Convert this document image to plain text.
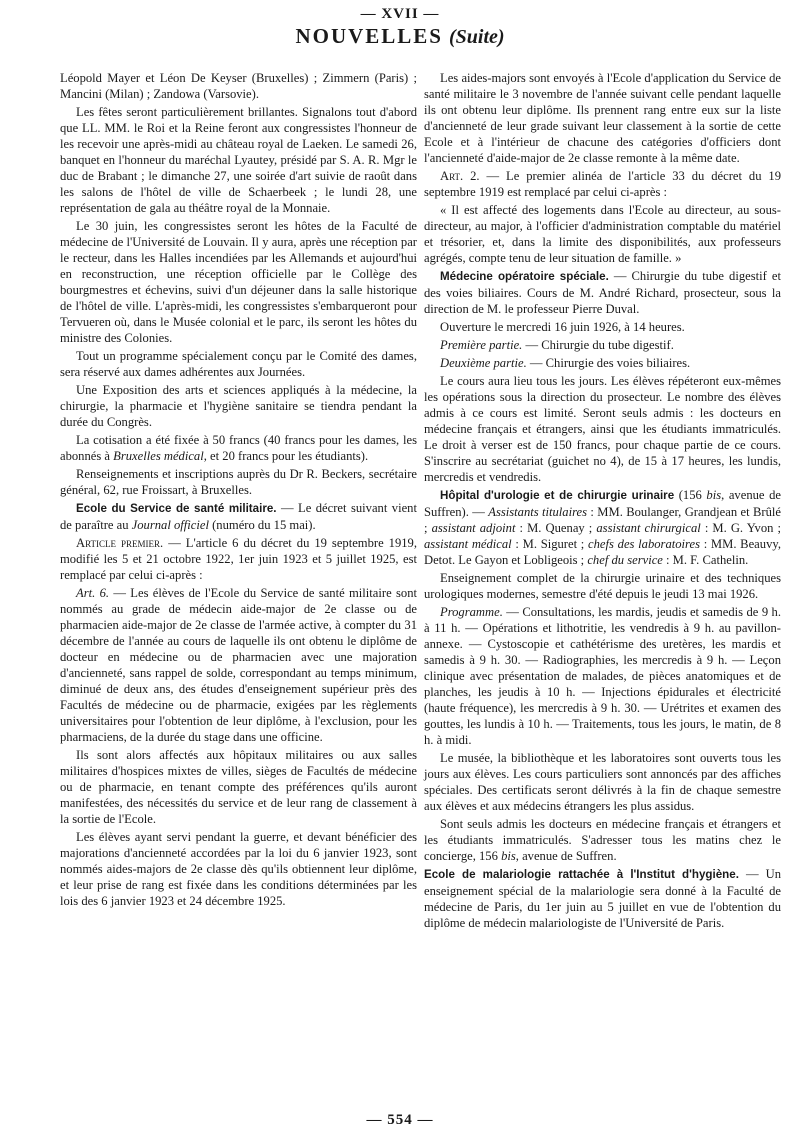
— XVII —
NOUVELLES (Suite)

Léopold Mayer et Léon De Keyser (Bruxelles) ; Zimmern (Paris) ; Mancini (Milan) ; Zandowa (Varsovie).

Les fêtes seront particulièrement brillantes. Signalons tout d'abord que LL. MM. le Roi et la Reine feront aux congressistes l'honneur de les recevoir une après-midi au château royal de Laeken. Le samedi 26, banquet en l'honneur du maréchal Lyautey, présidé par S. A. R. Mgr le duc de Brabant ; le dimanche 27, une soirée d'art suivie de raoût dans les salons de l'hôtel de ville de Schaerbeek ; le lundi 28, une représentation de gala au théâtre royal de la Monnaie.

Le 30 juin, les congressistes seront les hôtes de la Faculté de médecine de l'Université de Louvain. Il y aura, après une réception par le recteur, dans les Halles incendiées par les Allemands et aujourd'hui en reconstruction, une réception officielle par le Collège des bourgmestres et échevins, suivi d'un déjeuner dans la salle historique de l'hôtel de ville. L'après-midi, les congressistes s'embarqueront pour Tervueren où, dans le Musée colonial et le parc, ils seront les hôtes du ministre des Colonies.

Tout un programme spécialement conçu par le Comité des dames, sera réservé aux dames adhérentes aux Journées.

Une Exposition des arts et sciences appliqués à la médecine, la chirurgie, la pharmacie et l'hygiène sanitaire se tiendra pendant la durée du Congrès.

La cotisation a été fixée à 50 francs (40 francs pour les dames, les abonnés à Bruxelles médical, et 20 francs pour les étudiants).

Renseignements et inscriptions auprès du Dr R. Beckers, secrétaire général, 62, rue Froissart, à Bruxelles.

Ecole du Service de santé militaire. — Le décret suivant vient de paraître au Journal officiel (numéro du 15 mai).

Article premier. — L'article 6 du décret du 19 septembre 1919, modifié les 5 et 21 octobre 1922, 1er juin 1923 et 5 juillet 1925, est remplacé par celui ci-après :

Art. 6. — Les élèves de l'Ecole du Service de santé militaire sont nommés au grade de médecin aide-major de 2e classe ou de pharmacien aide-major de 2e classe de l'armée active, à compter du 31 décembre de l'année au cours de laquelle ils ont obtenu le diplôme de docteur en médecine ou de pharmacien avec une majoration d'ancienneté, sans rappel de solde, correspondant au temps minimum, diminué de deux ans, des études d'enseignement supérieur près des Facultés de médecine ou de pharmacie, exigées par les règlements universitaires pour l'obtention de leur diplôme, à l'exclusion, pour les pharmaciens, de la durée du stage dans une officine.

Ils sont alors affectés aux hôpitaux militaires ou aux salles militaires d'hospices mixtes de villes, sièges de Facultés de médecine ou de pharmacie, en tenant compte des préférences qu'ils auront manifestées, des nécessités du service et de leur rang de classement à la sortie de l'Ecole.

Les élèves ayant servi pendant la guerre, et devant bénéficier des majorations d'ancienneté accordées par la loi du 6 janvier 1923, sont nommés aides-majors de 2e classe dès qu'ils obtiennent leur diplôme, et leur prise de rang est fixée dans les conditions déterminées par les lois des 6 janvier 1923 et 24 décembre 1925.

Les aides-majors sont envoyés à l'Ecole d'application du Service de santé militaire le 3 novembre de l'année suivant celle pendant laquelle ils ont obtenu leur diplôme. Ils prennent rang entre eux sur la liste d'ancienneté de leur grade suivant leur classement à la sortie de cette Ecole et à l'intérieur de chacune des catégories d'officiers dont l'ancienneté d'aide-major de 2e classe remonte à la même date.

Art. 2. — Le premier alinéa de l'article 33 du décret du 19 septembre 1919 est remplacé par celui ci-après :

« Il est affecté des logements dans l'Ecole au directeur, au sous-directeur, au major, à l'officier d'administration comptable du matériel et trésorier, et, dans la limite des disponibilités, aux professeurs agrégés, compte tenu de leur situation de famille. »

Médecine opératoire spéciale. — Chirurgie du tube digestif et des voies biliaires. Cours de M. André Richard, prosecteur, sous la direction de M. le professeur Pierre Duval.

Ouverture le mercredi 16 juin 1926, à 14 heures.

Première partie. — Chirurgie du tube digestif.

Deuxième partie. — Chirurgie des voies biliaires.

Le cours aura lieu tous les jours. Les élèves répéteront eux-mêmes les opérations sous la direction du prosecteur. Le nombre des élèves admis à ce cours est limité. Seront seuls admis : les docteurs en médecine français et étrangers, ainsi que les étudiants immatriculés. Le droit à verser est de 150 francs, pour chaque partie de ce cours. S'inscrire au secrétariat (guichet no 4), de 15 à 17 heures, les lundis, mercredis et vendredis.

Hôpital d'urologie et de chirurgie urinaire (156 bis, avenue de Suffren). — Assistants titulaires : MM. Boulanger, Grandjean et Brûlé ; assistant adjoint : M. Quenay ; assistant chirurgical : M. G. Yvon ; assistant médical : M. Siguret ; chefs des laboratoires : MM. Beauvy, Detot. Le Gayon et Lobligeois ; chef du service : M. F. Cathelin.

Enseignement complet de la chirurgie urinaire et des techniques urologiques modernes, semestre d'été depuis le jeudi 13 mai 1926.

Programme. — Consultations, les mardis, jeudis et samedis de 9 h. à 11 h. — Opérations et lithotritie, les vendredis à 9 h. au pavillon-annexe. — Cystoscopie et cathétérisme des uretères, les mardis et samedis à 9 h. 30. — Radiographies, les mercredis à 9 h. — Leçon clinique avec présentation de malades, de pièces anatomiques et de planches, les jeudis à 10 h. — Injections épidurales et électricité (haute fréquence), les mercredis à 9 h. 30. — Urétrites et examen des gouttes, les lundis à 10 h. — Traitements, tous les jours, le matin, de 8 h. à midi.

Le musée, la bibliothèque et les laboratoires sont ouverts tous les jours aux élèves. Les cours particuliers sont annoncés par des affiches spéciales. Des certificats seront délivrés à la fin de chaque semestre aux élèves et aux médecins étrangers les plus assidus.

Sont seuls admis les docteurs en médecine français et étrangers et les étudiants immatriculés. S'adresser tous les matins chez le concierge, 156 bis, avenue de Suffren.

Ecole de malariologie rattachée à l'Institut d'hygiène. — Un enseignement spécial de la malariologie sera donné à la Faculté de médecine de Paris, du 1er juin au 5 juillet en vue de l'obtention du diplôme de médecin malariologiste de l'Université de Paris.

— 554 —
